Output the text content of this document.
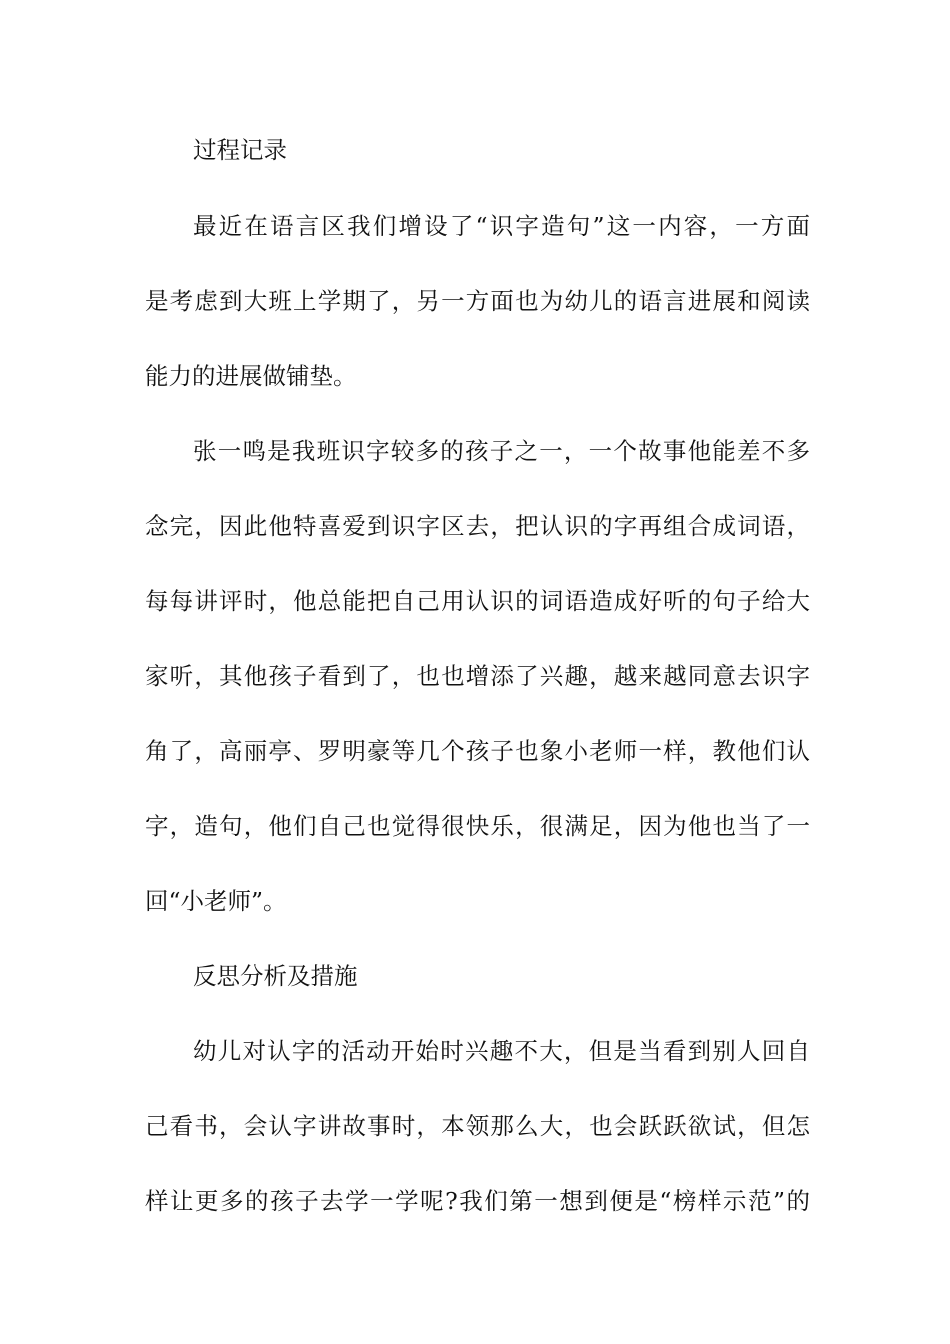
过程记录
最近在语言区我们增设了“识字造句”这一内容，一方面
是考虑到大班上学期了，另一方面也为幼儿的语言进展和阅读
能力的进展做铺垫。
张一鸣是我班识字较多的孩子之一，一个故事他能差不多
念完，因此他特喜爱到识字区去，把认识的字再组合成词语，
每每讲评时，他总能把自己用认识的词语造成好听的句子给大
家听，其他孩子看到了，也也增添了兴趣，越来越同意去识字
角了，高丽亭、罗明豪等几个孩子也象小老师一样，教他们认
字，造句，他们自己也觉得很快乐，很满足，因为他也当了一
回“小老师”。
反思分析及措施
幼儿对认字的活动开始时兴趣不大，但是当看到别人回自
己看书，会认字讲故事时，本领那么大，也会跃跃欲试，但怎
样让更多的孩子去学一学呢?我们第一想到便是“榜样示范”的
